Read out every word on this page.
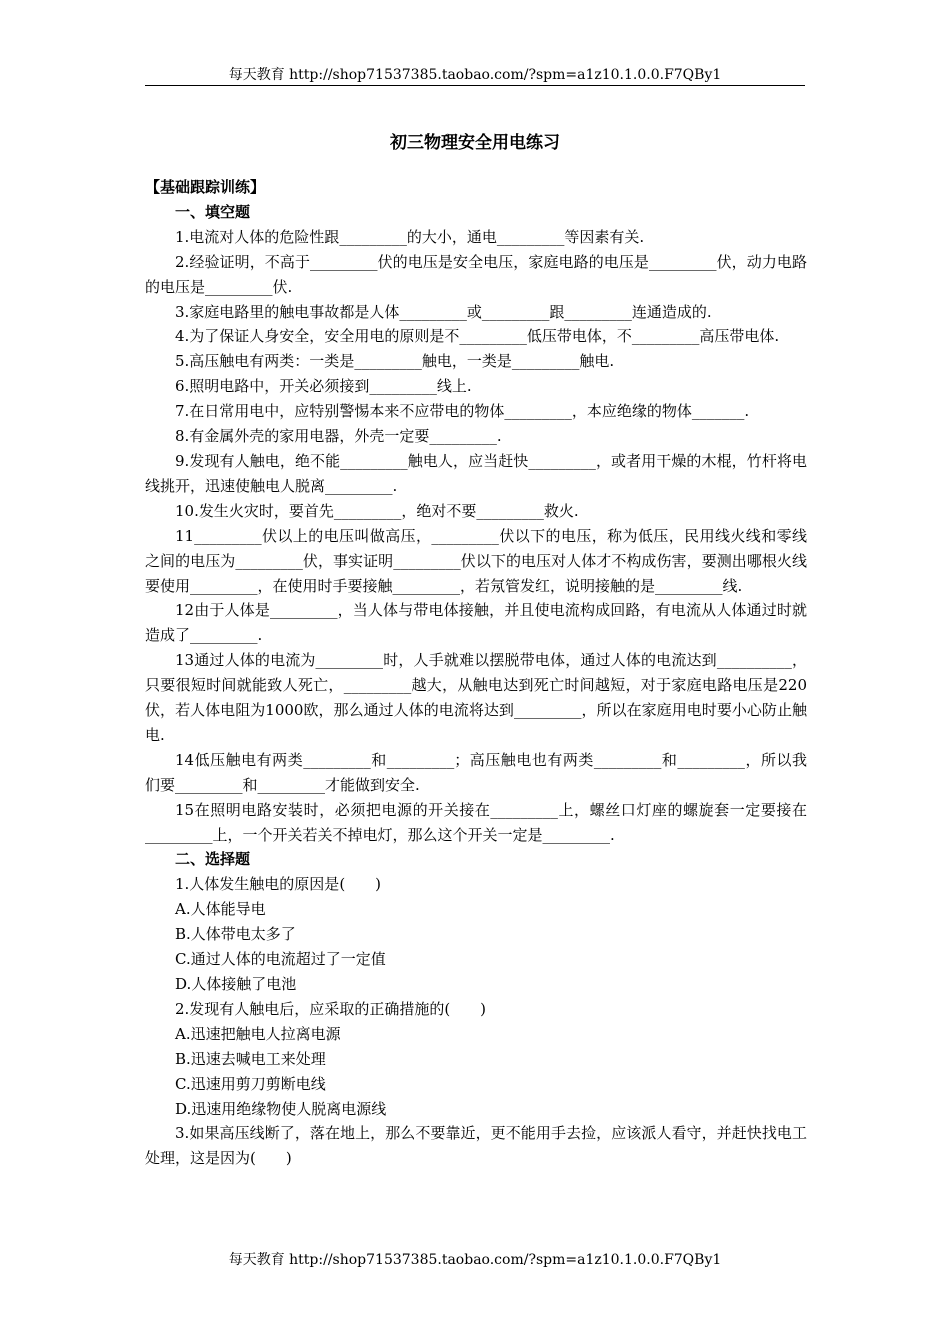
每天教育 http://shop71537385.taobao.com/?spm=a1z10.1.0.0.F7QBy1
初三物理安全用电练习

【基础跟踪训练】

一、填空题

1.电流对人体的危险性跟_________的大小，通电_________等因素有关.

2.经验证明，不高于_________伏的电压是安全电压，家庭电路的电压是_________伏，动力电路的电压是_________伏.

3.家庭电路里的触电事故都是人体_________或_________跟_________连通造成的.

4.为了保证人身安全，安全用电的原则是不_________低压带电体，不_________高压带电体.

5.高压触电有两类：一类是_________触电，一类是_________触电.

6.照明电路中，开关必须接到_________线上.

7.在日常用电中，应特别警惕本来不应带电的物体_________，本应绝缘的物体_______.

8.有金属外壳的家用电器，外壳一定要_________.

9.发现有人触电，绝不能_________触电人，应当赶快_________，或者用干燥的木棍，竹杆将电线挑开，迅速使触电人脱离_________.

10.发生火灾时，要首先_________，绝对不要_________救火.

11_________伏以上的电压叫做高压，_________伏以下的电压，称为低压，民用线火线和零线之间的电压为_________伏，事实证明_________伏以下的电压对人体才不构成伤害，要测出哪根火线要使用_________，在使用时手要接触_________，若氖管发红，说明接触的是_________线.

12由于人体是_________，当人体与带电体接触，并且使电流构成回路，有电流从人体通过时就造成了_________.

13通过人体的电流为_________时，人手就难以摆脱带电体，通过人体的电流达到__________，只要很短时间就能致人死亡，_________越大，从触电达到死亡时间越短，对于家庭电路电压是220伏，若人体电阻为1000欧，那么通过人体的电流将达到_________，所以在家庭用电时要小心防止触电.

14低压触电有两类_________和_________；高压触电也有两类_________和_________，所以我们要_________和_________才能做到安全.

15在照明电路安装时，必须把电源的开关接在_________上，螺丝口灯座的螺旋套一定要接在_________上，一个开关若关不掉电灯，那么这个开关一定是_________.

二、选择题

1.人体发生触电的原因是(　　)

A.人体能导电

B.人体带电太多了

C.通过人体的电流超过了一定值

D.人体接触了电池

2.发现有人触电后，应采取的正确措施的(　　)

A.迅速把触电人拉离电源

B.迅速去喊电工来处理

C.迅速用剪刀剪断电线

D.迅速用绝缘物使人脱离电源线

3.如果高压线断了，落在地上，那么不要靠近，更不能用手去捡，应该派人看守，并赶快找电工处理，这是因为(　　)

每天教育 http://shop71537385.taobao.com/?spm=a1z10.1.0.0.F7QBy1
